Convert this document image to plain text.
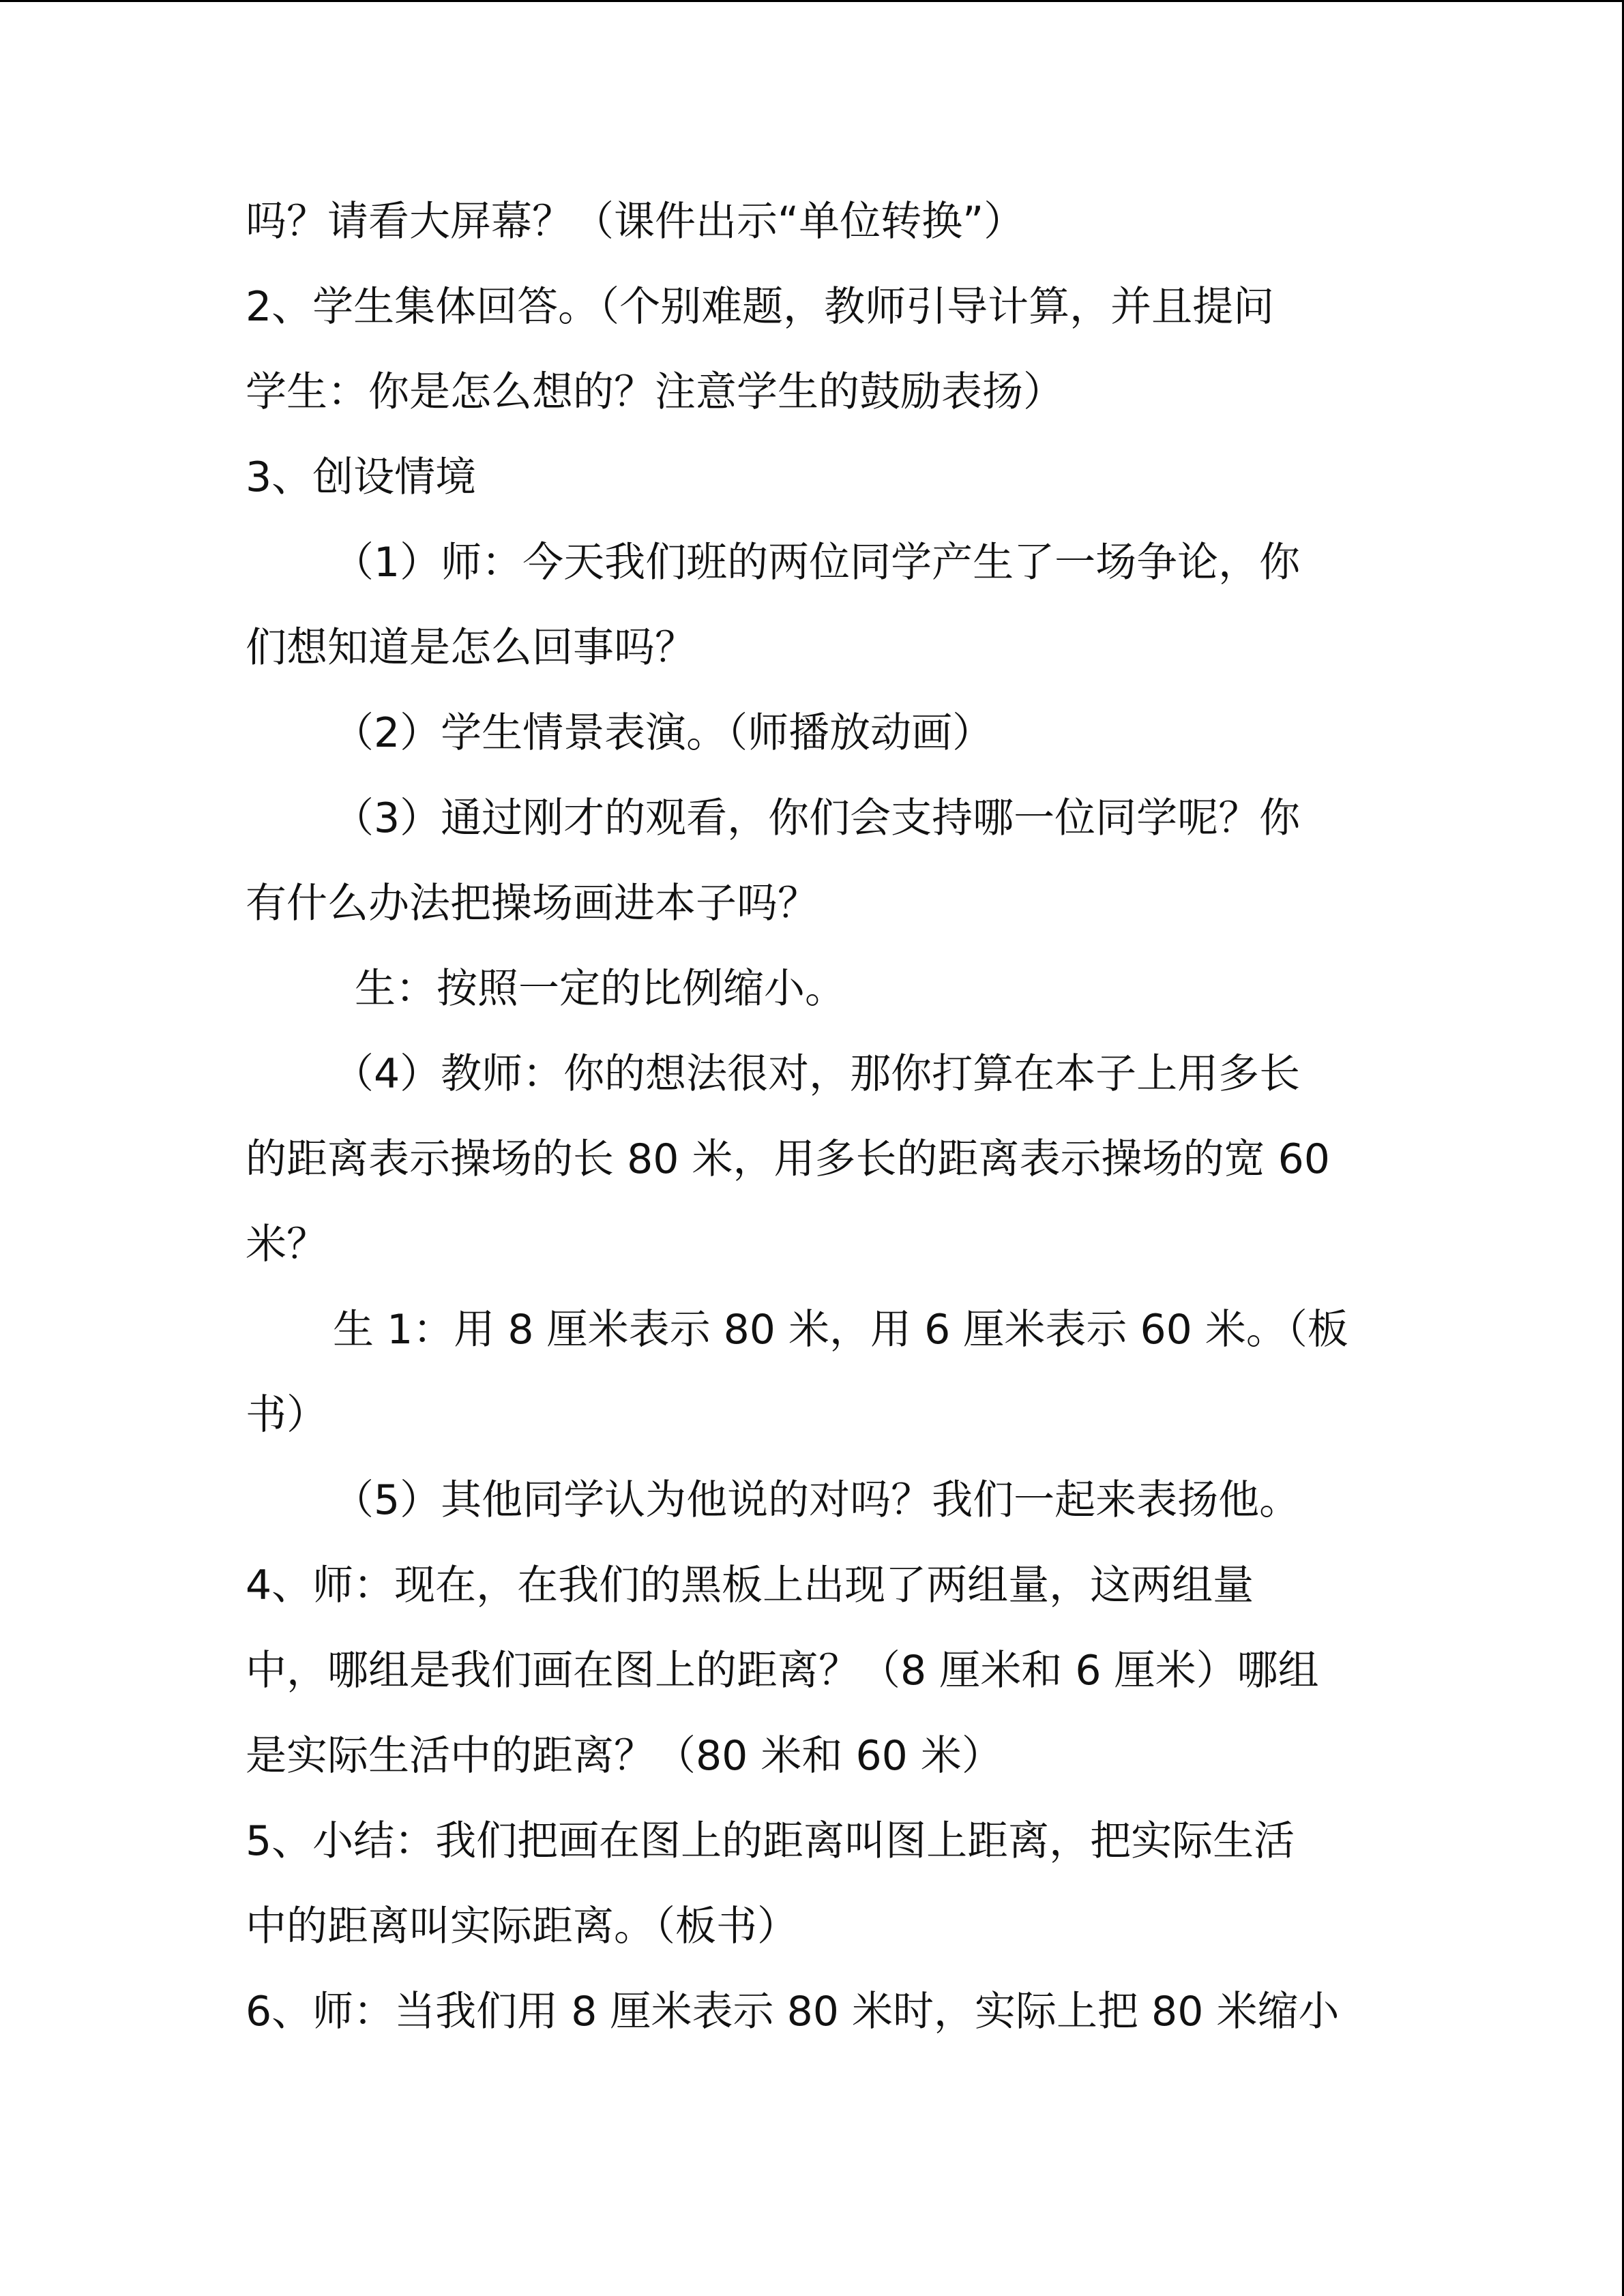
吗？请看大屏幕？（课件出示“单位转换”）
2、学生集体回答。（个别难题，教师引导计算，并且提问
学生：你是怎么想的？注意学生的鼓励表扬）
3、创设情境
（1）师：今天我们班的两位同学产生了一场争论，你
们想知道是怎么回事吗？
（2）学生情景表演。（师播放动画）
（3）通过刚才的观看，你们会支持哪一位同学呢？你
有什么办法把操场画进本子吗？
生：按照一定的比例缩小。
（4）教师：你的想法很对，那你打算在本子上用多长
的距离表示操场的长 80 米，用多长的距离表示操场的宽 60
米？
生 1：用 8 厘米表示 80 米，用 6 厘米表示 60 米。（板
书）
（5）其他同学认为他说的对吗？我们一起来表扬他。
4、师：现在，在我们的黑板上出现了两组量，这两组量
中，哪组是我们画在图上的距离？（8 厘米和 6 厘米）哪组
是实际生活中的距离？（80 米和 60 米）
5、小结：我们把画在图上的距离叫图上距离，把实际生活
中的距离叫实际距离。（板书）
6、师：当我们用 8 厘米表示 80 米时，实际上把 80 米缩小
